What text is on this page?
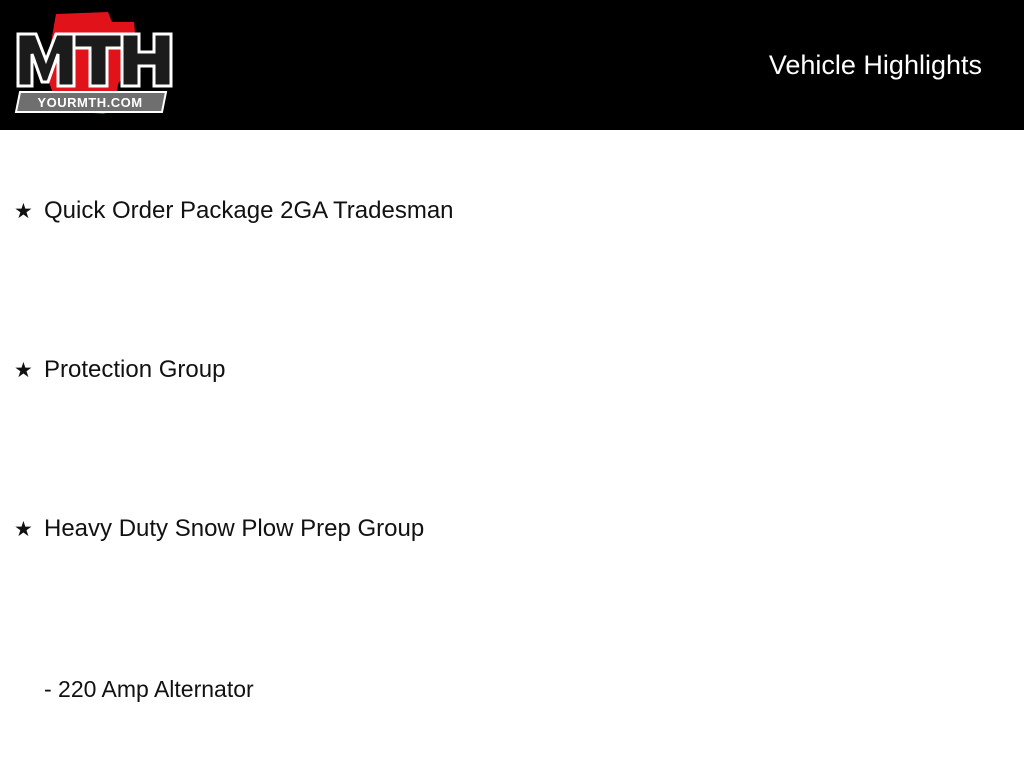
YOURMTH.COM
Vehicle Highlights
★ Quick Order Package 2GA Tradesman
★ Protection Group
★ Heavy Duty Snow Plow Prep Group
- 220 Amp Alternator
